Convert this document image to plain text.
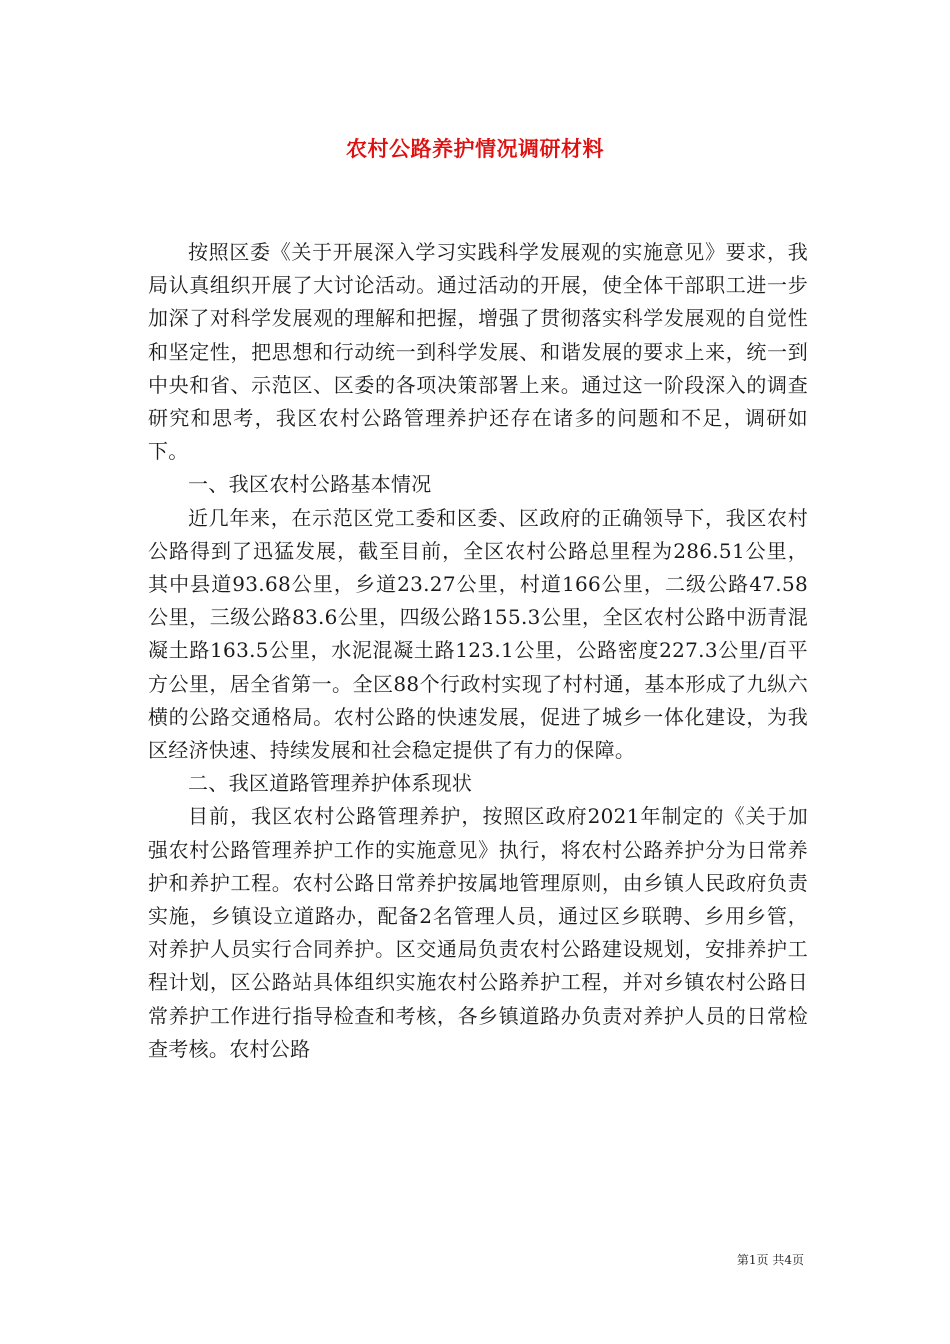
农村公路养护情况调研材料

按照区委《关于开展深入学习实践科学发展观的实施意见》要求，我局认真组织开展了大讨论活动。通过活动的开展，使全体干部职工进一步加深了对科学发展观的理解和把握，增强了贯彻落实科学发展观的自觉性和坚定性，把思想和行动统一到科学发展、和谐发展的要求上来，统一到中央和省、示范区、区委的各项决策部署上来。通过这一阶段深入的调查研究和思考，我区农村公路管理养护还存在诸多的问题和不足，调研如下。

一、我区农村公路基本情况

近几年来，在示范区党工委和区委、区政府的正确领导下，我区农村公路得到了迅猛发展，截至目前，全区农村公路总里程为286.51公里，其中县道93.68公里，乡道23.27公里，村道166公里，二级公路47.58公里，三级公路83.6公里，四级公路155.3公里，全区农村公路中沥青混凝土路163.5公里，水泥混凝土路123.1公里，公路密度227.3公里/百平方公里，居全省第一。全区88个行政村实现了村村通，基本形成了九纵六横的公路交通格局。农村公路的快速发展，促进了城乡一体化建设，为我区经济快速、持续发展和社会稳定提供了有力的保障。

二、我区道路管理养护体系现状

目前，我区农村公路管理养护，按照区政府2021年制定的《关于加强农村公路管理养护工作的实施意见》执行，将农村公路养护分为日常养护和养护工程。农村公路日常养护按属地管理原则，由乡镇人民政府负责实施，乡镇设立道路办，配备2名管理人员，通过区乡联聘、乡用乡管，对养护人员实行合同养护。区交通局负责农村公路建设规划，安排养护工程计划，区公路站具体组织实施农村公路养护工程，并对乡镇农村公路日常养护工作进行指导检查和考核，各乡镇道路办负责对养护人员的日常检查考核。农村公路

第1页 共4页
